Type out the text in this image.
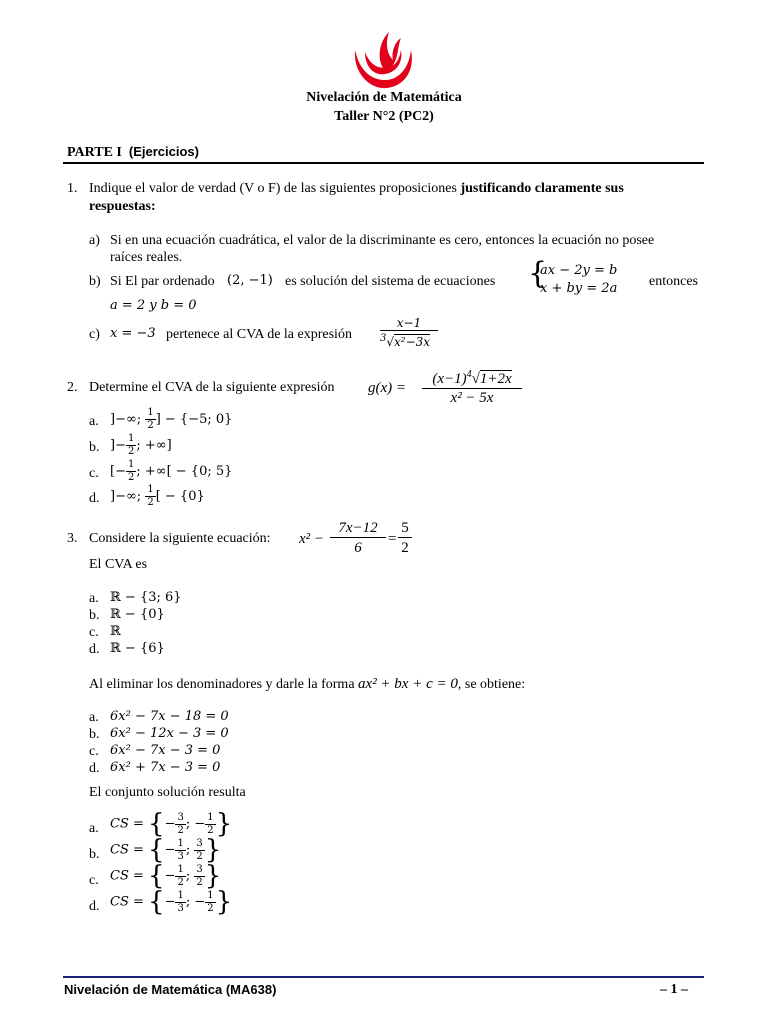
Nivelación de Matemática
Taller N°2 (PC2)
PARTE I (Ejercicios)
1. Indique el valor de verdad (V o F) de las siguientes proposiciones justificando claramente sus
respuestas:
a) Si en una ecuación cuadrática, el valor de la discriminante es cero, entonces la ecuación no posee
raíces reales.
b) Si El par ordenado (2, −1) es solución del sistema de ecuaciones {
ax − 2y = b
x + by = 2a entonces
a = 2 y b = 0
c) x = −3 pertenece al CVA de la expresión
x−1
$^3$√x²−3x
2. Determine el CVA de la siguiente expresión g(x) =
$(x-1)^4√1+2x$
x² − 5x
a. ]−∞; $\frac{1}{2}$ ] − {−5; 0}
b. ]− $\frac{1}{2}$ ; +∞]
c. [− $\frac{1}{2}$ ; +∞[ − {0; 5}
d. ]−∞; $\frac{1}{2}$ [ − {0}
3. Considere la siguiente ecuación: x² −
7x−12
6
=
5
2
El CVA es
a. ℝ − {3; 6}
b. ℝ − {0}
c. ℝ
d. ℝ − {6}
Al eliminar los denominadores y darle la forma ax² + bx + c = 0, se obtiene:
a. 6x² − 7x − 18 = 0
b. 6x² − 12x − 3 = 0
c. 6x² − 7x − 3 = 0
d. 6x² + 7x − 3 = 0
El conjunto solución resulta
a. CS = {− $\frac{3}{2}$ ; − $\frac{1}{2}$ }
b. CS = {− $\frac{1}{3}$ ; $\frac{3}{2}$ }
c. CS = {− $\frac{1}{2}$ ; $\frac{3}{2}$ }
d. CS = {− $\frac{1}{3}$ ; − $\frac{1}{2}$ }
Nivelación de Matemática (MA638)	– 1 –
